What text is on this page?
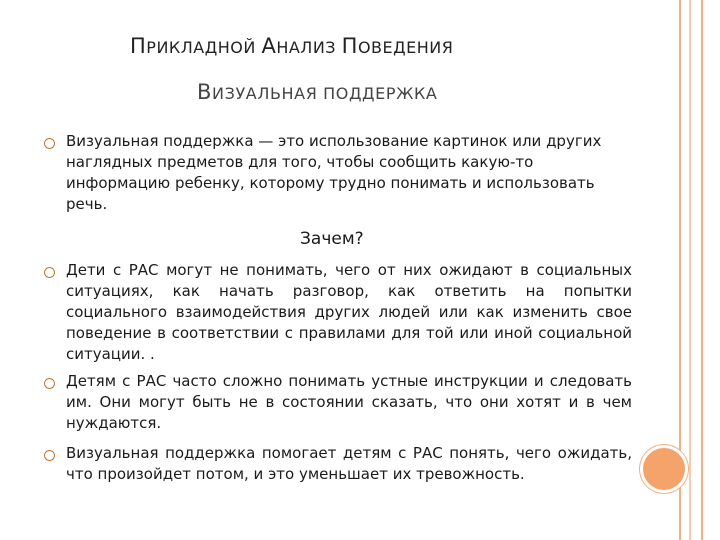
ПРИКЛАДНОЙ АНАЛИЗ ПОВЕДЕНИЯ
ВИЗУАЛЬНАЯ ПОДДЕРЖКА
Визуальная поддержка — это использование картинок или других наглядных предметов для того, чтобы сообщить какую-то информацию ребенку, которому трудно понимать и использовать речь.
Зачем?
Дети с РАС могут не понимать, чего от них ожидают в социальных ситуациях, как начать разговор, как ответить на попытки социального взаимодействия других людей или как изменить свое поведение в соответствии с правилами для той или иной социальной ситуации. .
Детям с РАС часто сложно понимать устные инструкции и следовать им. Они могут быть не в состоянии сказать, что они хотят и в чем нуждаются.
Визуальная поддержка помогает детям с РАС понять, чего ожидать, что произойдет потом, и это уменьшает их тревожность.
